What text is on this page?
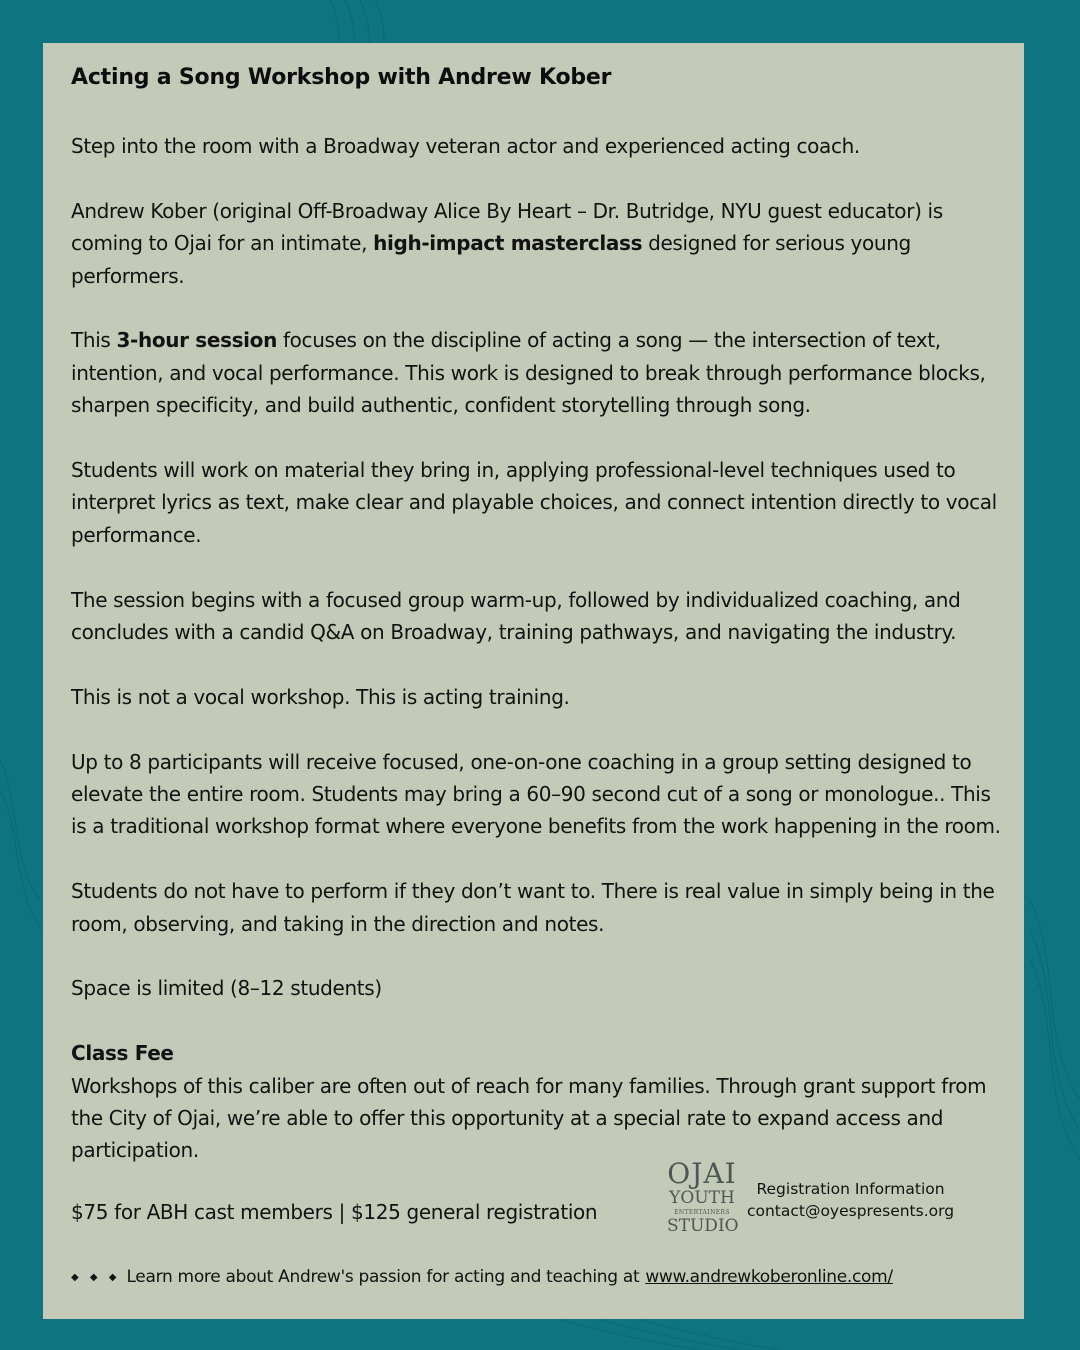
Acting a Song Workshop with Andrew Kober

Step into the room with a Broadway veteran actor and experienced acting coach.

Andrew Kober (original Off-Broadway Alice By Heart – Dr. Butridge, NYU guest educator) is coming to Ojai for an intimate, high-impact masterclass designed for serious young performers.

This 3-hour session focuses on the discipline of acting a song — the intersection of text, intention, and vocal performance. This work is designed to break through performance blocks, sharpen specificity, and build authentic, confident storytelling through song.

Students will work on material they bring in, applying professional-level techniques used to interpret lyrics as text, make clear and playable choices, and connect intention directly to vocal performance.

The session begins with a focused group warm-up, followed by individualized coaching, and concludes with a candid Q&A on Broadway, training pathways, and navigating the industry.

This is not a vocal workshop. This is acting training.

Up to 8 participants will receive focused, one-on-one coaching in a group setting designed to elevate the entire room. Students may bring a 60–90 second cut of a song or monologue.. This is a traditional workshop format where everyone benefits from the work happening in the room.

Students do not have to perform if they don’t want to. There is real value in simply being in the room, observing, and taking in the direction and notes.

Space is limited (8–12 students)

Class Fee
Workshops of this caliber are often out of reach for many families. Through grant support from the City of Ojai, we’re able to offer this opportunity at a special rate to expand access and participation.
$75 for ABH cast members | $125 general registration
OJAI
YOUTH
ENTERTAINERS
STUDIO
Registration Information
contact@oyespresents.org
◆ ◆ ◆ Learn more about Andrew's passion for acting and teaching at www.andrewkoberonline.com/
